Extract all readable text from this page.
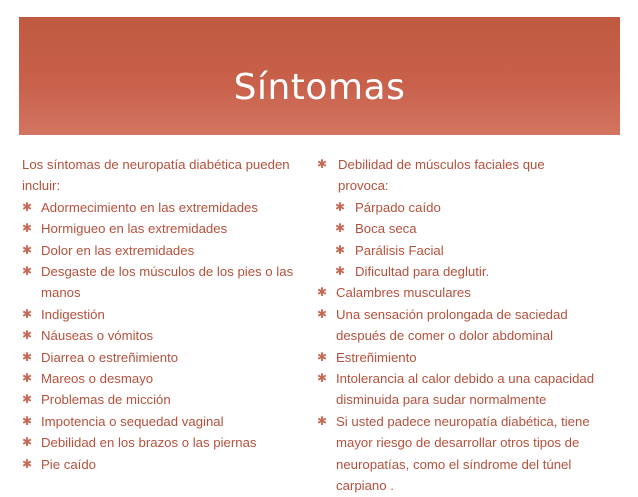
Síntomas
Los síntomas de neuropatía diabética pueden
incluir:
✱ Adormecimiento en las extremidades
✱ Hormigueo en las extremidades
✱ Dolor en las extremidades
✱ Desgaste de los músculos de los pies o las
manos
✱ Indigestión
✱ Náuseas o vómitos
✱ Diarrea o estreñimiento
✱ Mareos o desmayo
✱ Problemas de micción
✱ Impotencia o sequedad vaginal
✱ Debilidad en los brazos o las piernas
✱ Pie caído
✱ Debilidad de músculos faciales que
provoca:
✱ Párpado caído
✱ Boca seca
✱ Parálisis Facial
✱ Dificultad para deglutir.
✱ Calambres musculares
✱ Una sensación prolongada de saciedad
después de comer o dolor abdominal
✱ Estreñimiento
✱ Intolerancia al calor debido a una capacidad
disminuida para sudar normalmente
✱ Si usted padece neuropatía diabética, tiene
mayor riesgo de desarrollar otros tipos de
neuropatías, como el síndrome del túnel
carpiano .
